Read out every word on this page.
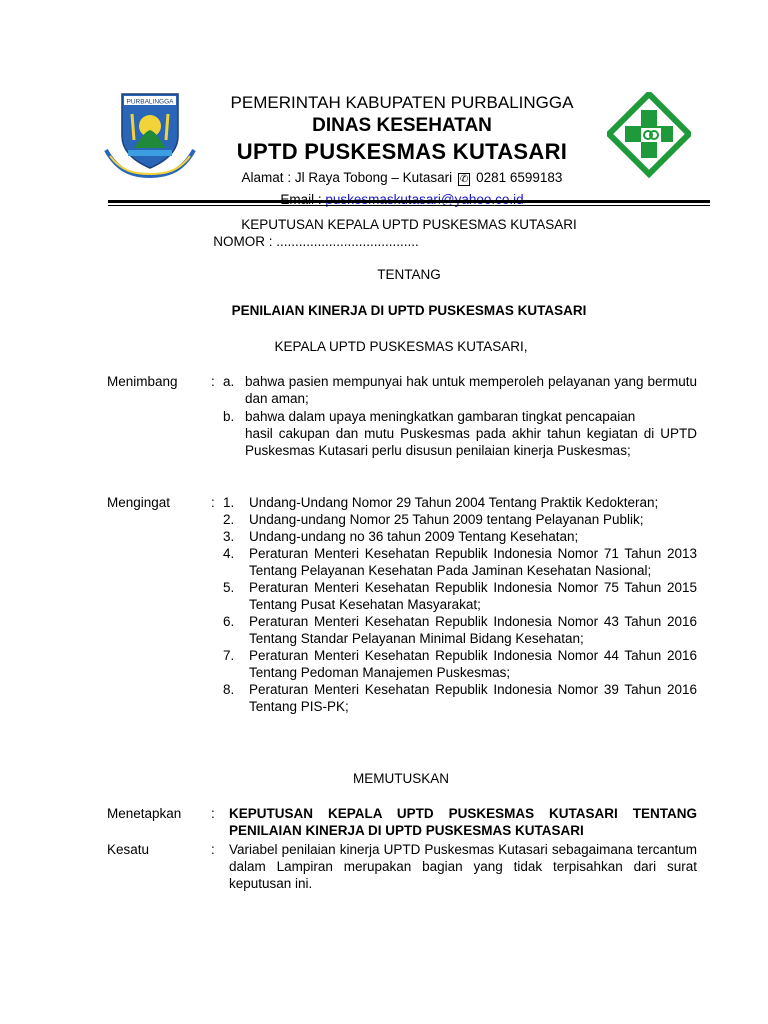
PURBALINGGA	PEMERINTAH KABUPATEN PURBALINGGA
DINAS KESEHATAN
UPTD PUSKESMAS KUTASARI
Alamat : Jl Raya Tobong – Kutasari ✆ 0281 6599183
KEPUTUSAN KEPALA UPTD PUSKESMAS KUTASARI
NOMOR : ......................................
TENTANG
PENILAIAN KINERJA DI UPTD PUSKESMAS KUTASARI
KEPALA UPTD PUSKESMAS KUTASARI,
Menimbang : a. bahwa pasien mempunyai hak untuk memperoleh pelayanan yang bermutu dan aman;
b. bahwa dalam upaya meningkatkan gambaran tingkat pencapaian
hasil cakupan dan mutu Puskesmas pada akhir tahun kegiatan di UPTD Puskesmas Kutasari perlu disusun penilaian kinerja Puskesmas;
Mengingat	: 1. Undang-Undang Nomor 29 Tahun 2004 Tentang Praktik Kedokteran;
2. Undang-undang Nomor 25 Tahun 2009 tentang Pelayanan Publik;
3. Undang-undang no 36 tahun 2009 Tentang Kesehatan;
4. Peraturan Menteri Kesehatan Republik Indonesia Nomor 71 Tahun 2013 Tentang Pelayanan Kesehatan Pada Jaminan Kesehatan Nasional;
5. Peraturan Menteri Kesehatan Republik Indonesia Nomor 75 Tahun 2015 Tentang Pusat Kesehatan Masyarakat;
6. Peraturan Menteri Kesehatan Republik Indonesia Nomor 43 Tahun 2016 Tentang Standar Pelayanan Minimal Bidang Kesehatan;
7. Peraturan Menteri Kesehatan Republik Indonesia Nomor 44 Tahun 2016 Tentang Pedoman Manajemen Puskesmas;
8. Peraturan Menteri Kesehatan Republik Indonesia Nomor 39 Tahun 2016 Tentang PIS-PK;
MEMUTUSKAN
Menetapkan : KEPUTUSAN KEPALA UPTD PUSKESMAS KUTASARI TENTANG PENILAIAN KINERJA DI UPTD PUSKESMAS KUTASARI
Kesatu	: Variabel penilaian kinerja UPTD Puskesmas Kutasari sebagaimana tercantum dalam Lampiran merupakan bagian yang tidak terpisahkan dari surat keputusan ini.
